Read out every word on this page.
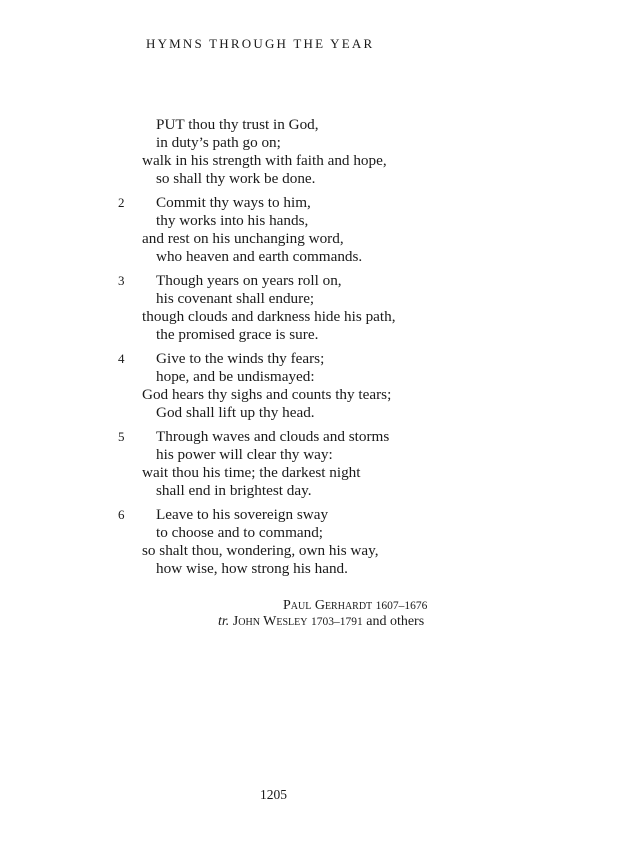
HYMNS THROUGH THE YEAR
PUT thou thy trust in God,
in duty’s path go on;
walk in his strength with faith and hope,
so shall thy work be done.
2 Commit thy ways to him,
thy works into his hands,
and rest on his unchanging word,
who heaven and earth commands.
3 Though years on years roll on,
his covenant shall endure;
though clouds and darkness hide his path,
the promised grace is sure.
4 Give to the winds thy fears;
hope, and be undismayed:
God hears thy sighs and counts thy tears;
God shall lift up thy head.
5 Through waves and clouds and storms
his power will clear thy way:
wait thou his time; the darkest night
shall end in brightest day.
6 Leave to his sovereign sway
to choose and to command;
so shalt thou, wondering, own his way,
how wise, how strong his hand.
Paul Gerhardt 1607–1676
tr. John Wesley 1703–1791 and others
1205
